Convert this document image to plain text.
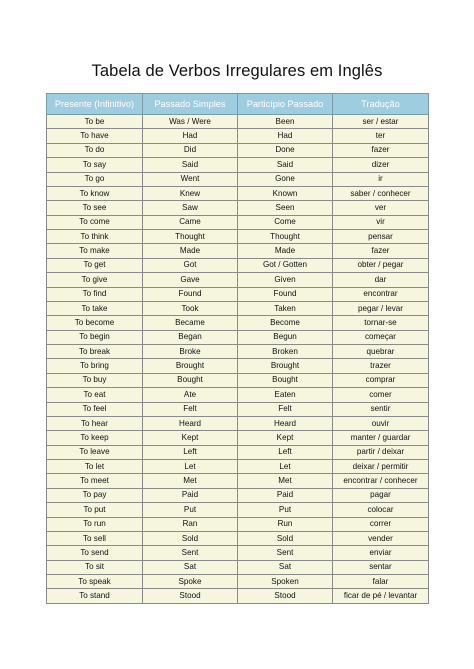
Tabela de Verbos Irregulares em Inglês
Presente (Infinitivo)	Passado Simples	Particípio Passado	Tradução
To be	Was / Were	Been	ser / estar
To have	Had	Had	ter
To do	Did	Done	fazer
To say	Said	Said	dizer
To go	Went	Gone	ir
To know	Knew	Known	saber / conhecer
To see	Saw	Seen	ver
To come	Came	Come	vir
To think	Thought	Thought	pensar
To make	Made	Made	fazer
To get	Got	Got / Gotten	obter / pegar
To give	Gave	Given	dar
To find	Found	Found	encontrar
To take	Took	Taken	pegar / levar
To become	Became	Become	tornar-se
To begin	Began	Begun	começar
To break	Broke	Broken	quebrar
To bring	Brought	Brought	trazer
To buy	Bought	Bought	comprar
To eat	Ate	Eaten	comer
To feel	Felt	Felt	sentir
To hear	Heard	Heard	ouvir
To keep	Kept	Kept	manter / guardar
To leave	Left	Left	partir / deixar
To let	Let	Let	deixar / permitir
To meet	Met	Met	encontrar / conhecer
To pay	Paid	Paid	pagar
To put	Put	Put	colocar
To run	Ran	Run	correr
To sell	Sold	Sold	vender
To send	Sent	Sent	enviar
To sit	Sat	Sat	sentar
To speak	Spoke	Spoken	falar
To stand	Stood	Stood	ficar de pé / levantar
